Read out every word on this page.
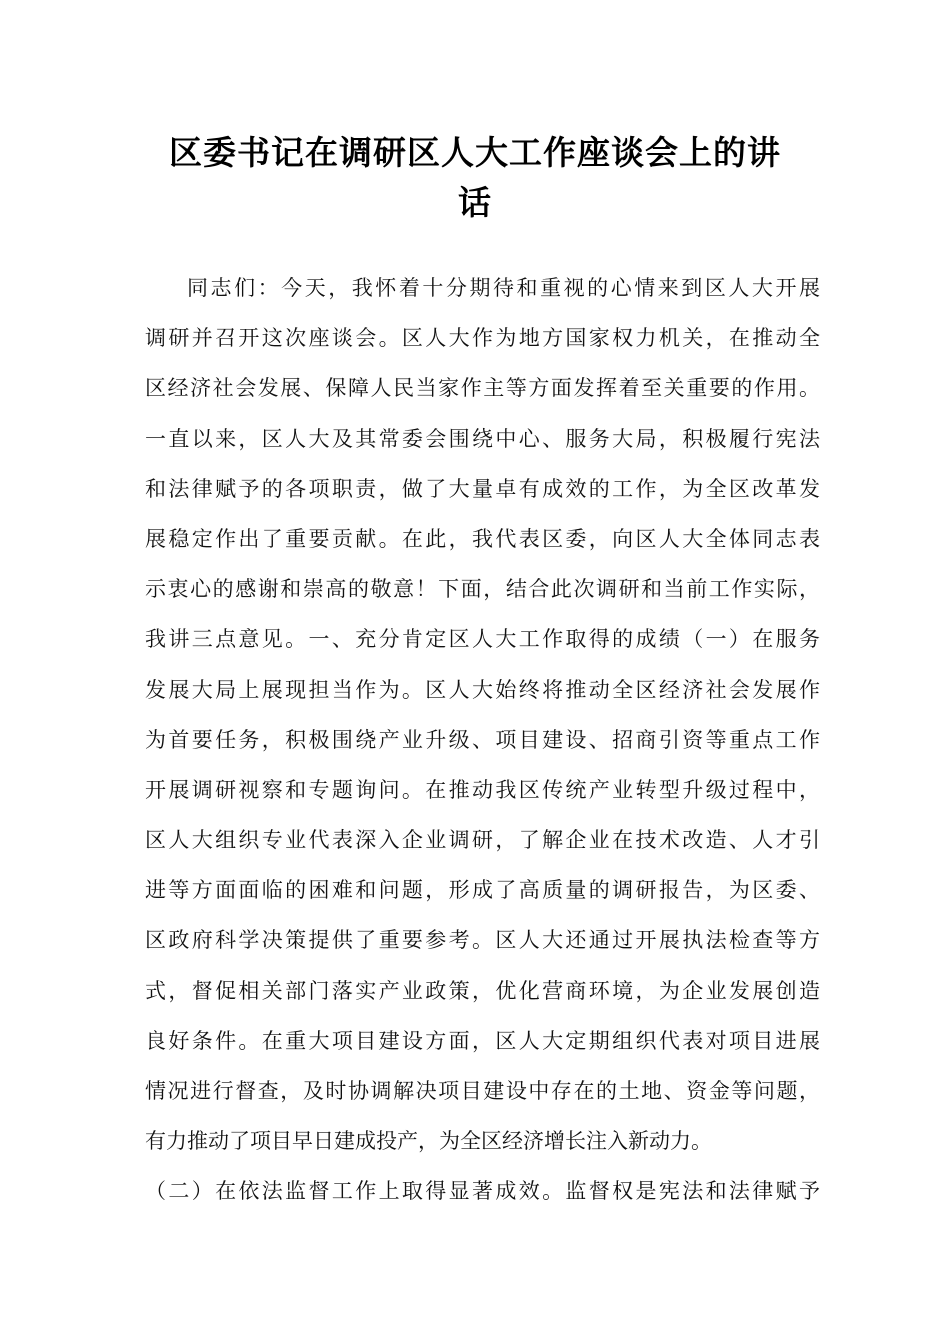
区委书记在调研区人大工作座谈会上的讲
话
同志们：今天，我怀着十分期待和重视的心情来到区人大开展
调研并召开这次座谈会。区人大作为地方国家权力机关，在推动全
区经济社会发展、保障人民当家作主等方面发挥着至关重要的作用。
一直以来，区人大及其常委会围绕中心、服务大局，积极履行宪法
和法律赋予的各项职责，做了大量卓有成效的工作，为全区改革发
展稳定作出了重要贡献。在此，我代表区委，向区人大全体同志表
示衷心的感谢和崇高的敬意！下面，结合此次调研和当前工作实际，
我讲三点意见。一、充分肯定区人大工作取得的成绩（一）在服务
发展大局上展现担当作为。区人大始终将推动全区经济社会发展作
为首要任务，积极围绕产业升级、项目建设、招商引资等重点工作
开展调研视察和专题询问。在推动我区传统产业转型升级过程中，
区人大组织专业代表深入企业调研，了解企业在技术改造、人才引
进等方面面临的困难和问题，形成了高质量的调研报告，为区委、
区政府科学决策提供了重要参考。区人大还通过开展执法检查等方
式，督促相关部门落实产业政策，优化营商环境，为企业发展创造
良好条件。在重大项目建设方面，区人大定期组织代表对项目进展
情况进行督查，及时协调解决项目建设中存在的土地、资金等问题，
有力推动了项目早日建成投产，为全区经济增长注入新动力。
（二）在依法监督工作上取得显著成效。监督权是宪法和法律赋予
